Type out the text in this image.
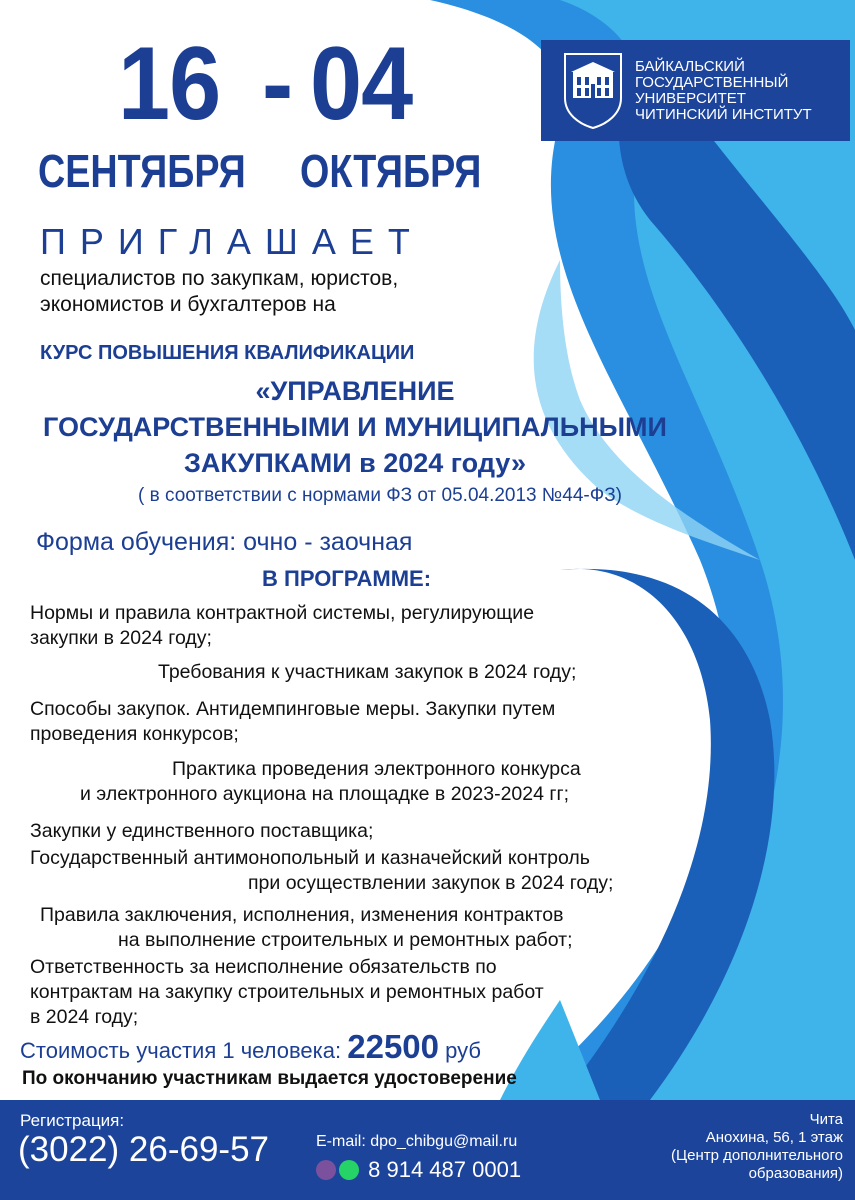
16 - 04
СЕНТЯБРЯ ОКТЯБРЯ
БАЙКАЛЬСКИЙ
ГОСУДАРСТВЕННЫЙ
УНИВЕРСИТЕТ
ЧИТИНСКИЙ ИНСТИТУТ
ПРИГЛАШАЕТ
специалистов по закупкам, юристов,
экономистов и бухгалтеров на
КУРС ПОВЫШЕНИЯ КВАЛИФИКАЦИИ
«УПРАВЛЕНИЕ
ГОСУДАРСТВЕННЫМИ И МУНИЦИПАЛЬНЫМИ
ЗАКУПКАМИ в 2024 году»
( в соответствии с нормами ФЗ от 05.04.2013 №44-ФЗ)
Форма обучения: очно - заочная
В ПРОГРАММЕ:
Нормы и правила контрактной системы, регулирующие
закупки в 2024 году;
Требования к участникам закупок в 2024 году;
Способы закупок. Антидемпинговые меры. Закупки путем
проведения конкурсов;
Практика проведения электронного конкурса
и электронного аукциона на площадке в 2023-2024 гг;
Закупки у единственного поставщика;
Государственный антимонопольный и казначейский контроль
при осуществлении закупок в 2024 году;
Правила заключения, исполнения, изменения контрактов
на выполнение строительных и ремонтных работ;
Ответственность за неисполнение обязательств по
контрактам на закупку строительных и ремонтных работ
в 2024 году;
Стоимость участия 1 человека: 22500 руб
По окончанию участникам выдается удостоверение
Регистрация:
(3022) 26-69-57	E-mail: dpo_chibgu@mail.ru
8 914 487 0001
Чита
Анохина, 56, 1 этаж
(Центр дополнительного
образования)
